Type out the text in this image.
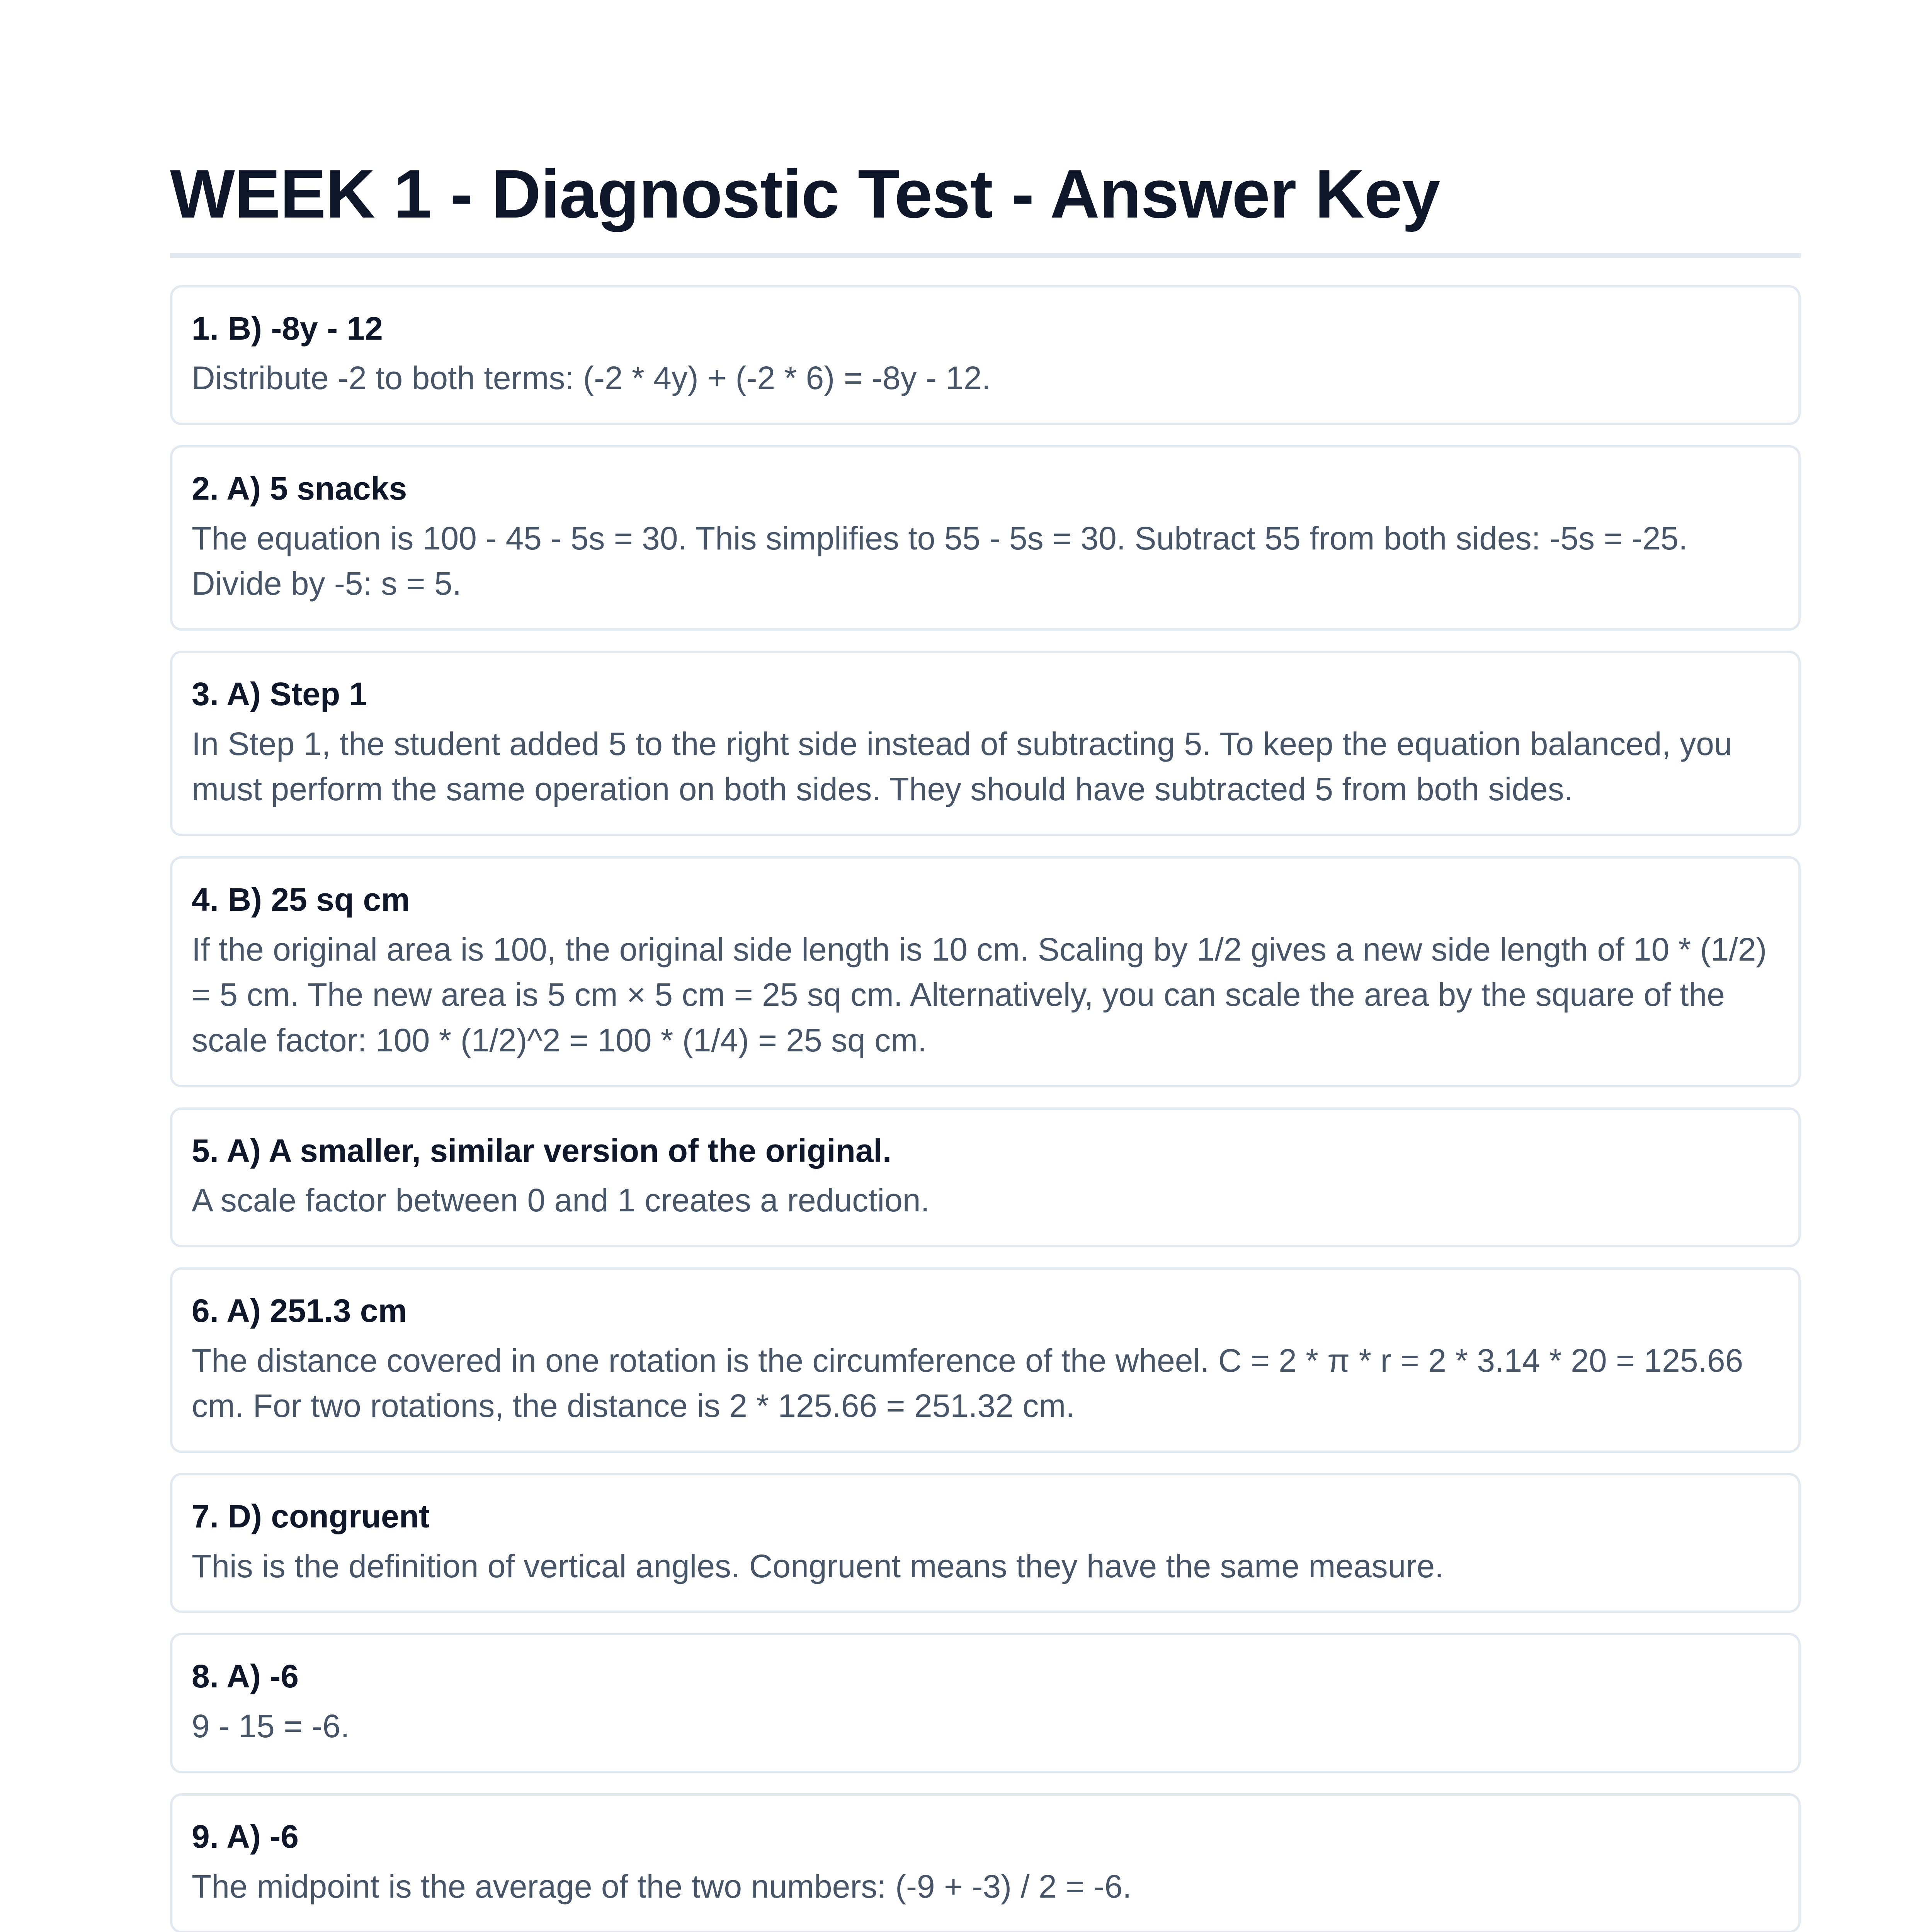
WEEK 1 - Diagnostic Test - Answer Key

1. B) -8y - 12

Distribute -2 to both terms: (-2 * 4y) + (-2 * 6) = -8y - 12.

2. A) 5 snacks

The equation is 100 - 45 - 5s = 30. This simplifies to 55 - 5s = 30. Subtract 55 from both sides: -5s = -25. Divide by -5: s = 5.

3. A) Step 1

In Step 1, the student added 5 to the right side instead of subtracting 5. To keep the equation balanced, you must perform the same operation on both sides. They should have subtracted 5 from both sides.

4. B) 25 sq cm

If the original area is 100, the original side length is 10 cm. Scaling by 1/2 gives a new side length of 10 * (1/2) = 5 cm. The new area is 5 cm × 5 cm = 25 sq cm. Alternatively, you can scale the area by the square of the scale factor: 100 * (1/2)^2 = 100 * (1/4) = 25 sq cm.

5. A) A smaller, similar version of the original.

A scale factor between 0 and 1 creates a reduction.

6. A) 251.3 cm

The distance covered in one rotation is the circumference of the wheel. C = 2 * π * r = 2 * 3.14 * 20 = 125.66 cm. For two rotations, the distance is 2 * 125.66 = 251.32 cm.

7. D) congruent

This is the definition of vertical angles. Congruent means they have the same measure.

8. A) -6

9 - 15 = -6.

9. A) -6

The midpoint is the average of the two numbers: (-9 + -3) / 2 = -6.
